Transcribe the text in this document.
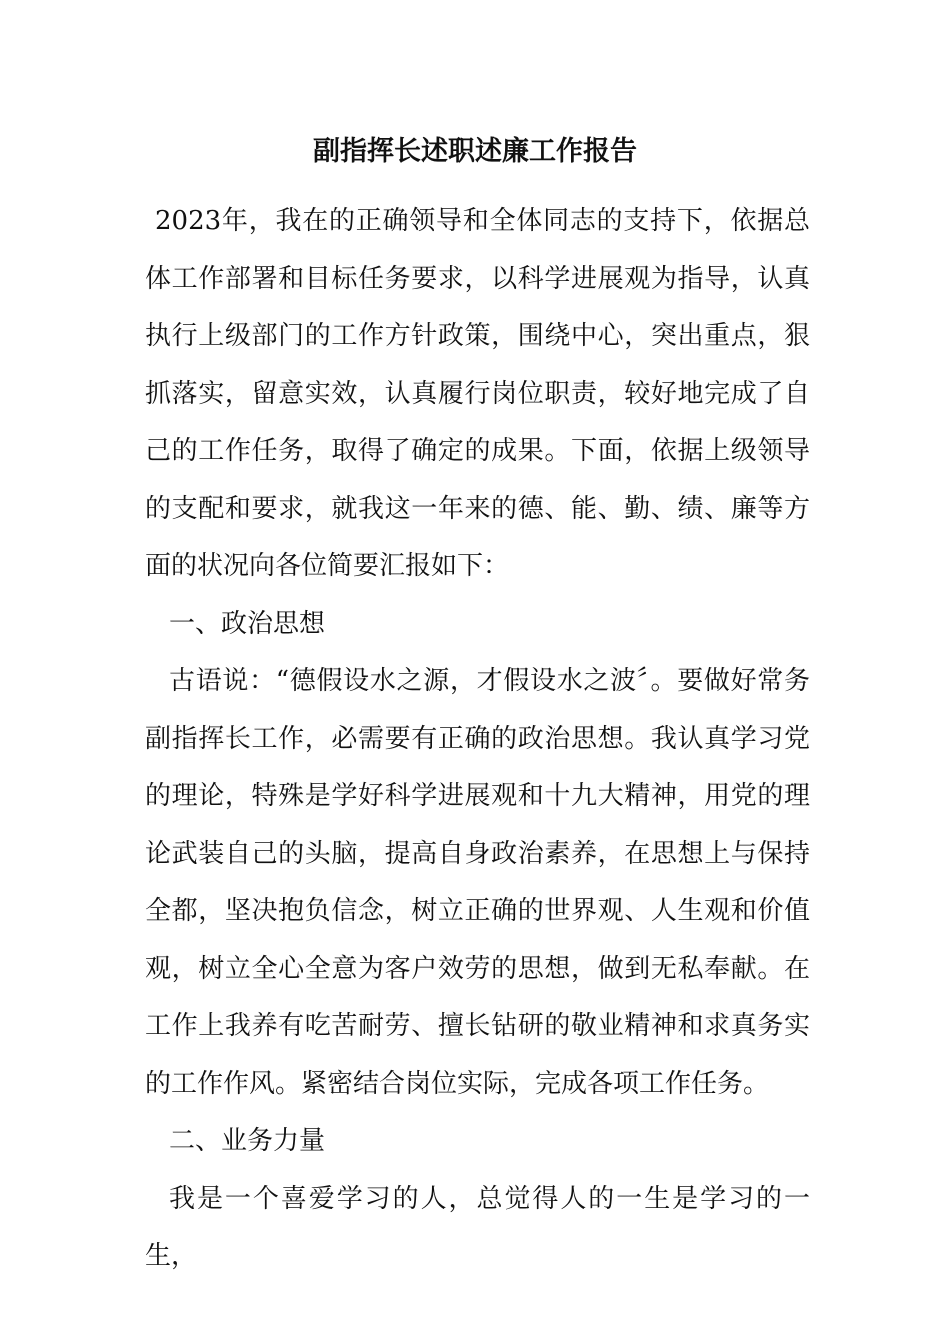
副指挥长述职述廉工作报告

2023年，我在的正确领导和全体同志的支持下，依据总体工作部署和目标任务要求，以科学进展观为指导，认真执行上级部门的工作方针政策，围绕中心，突出重点，狠抓落实，留意实效，认真履行岗位职责，较好地完成了自己的工作任务，取得了确定的成果。下面，依据上级领导的支配和要求，就我这一年来的德、能、勤、绩、廉等方面的状况向各位简要汇报如下：

一、政治思想

古语说：“德假设水之源，才假设水之波〞。要做好常务副指挥长工作，必需要有正确的政治思想。我认真学习党的理论，特殊是学好科学进展观和十九大精神，用党的理论武装自己的头脑，提高自身政治素养，在思想上与保持全都，坚决抱负信念，树立正确的世界观、人生观和价值观，树立全心全意为客户效劳的思想，做到无私奉献。在工作上我养有吃苦耐劳、擅长钻研的敬业精神和求真务实的工作作风。紧密结合岗位实际，完成各项工作任务。

二、业务力量

我是一个喜爱学习的人，总觉得人的一生是学习的一生，
